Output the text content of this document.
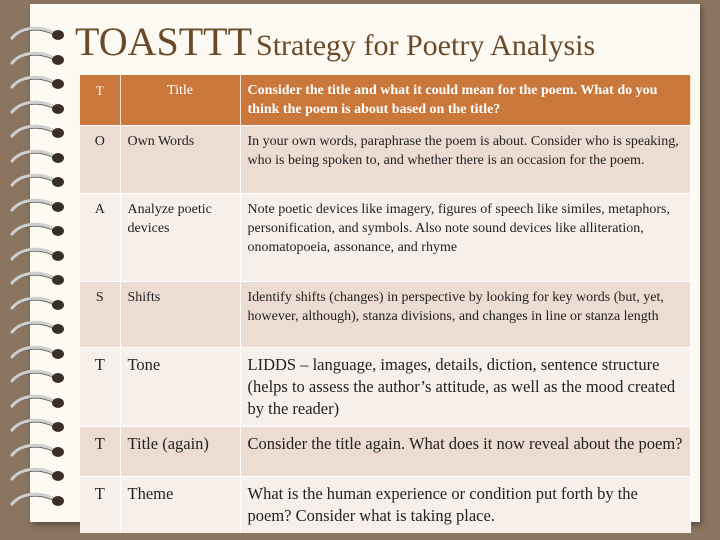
TOASTTT Strategy for Poetry Analysis
T	Title	Consider the title and what it could mean for the poem. What do you think the poem is about based on the title?
O	Own Words	In your own words, paraphrase the poem is about. Consider who is speaking, who is being spoken to, and whether there is an occasion for the poem.
A	Analyze poetic devices	Note poetic devices like imagery, figures of speech like similes, metaphors, personification, and symbols. Also note sound devices like alliteration, onomatopoeia, assonance, and rhyme
S	Shifts	Identify shifts (changes) in perspective by looking for key words (but, yet, however, although), stanza divisions, and changes in line or stanza length
T	Tone	LIDDS – language, images, details, diction, sentence structure (helps to assess the author’s attitude, as well as the mood created by the reader)
T	Title (again)	Consider the title again. What does it now reveal about the poem?
T	Theme	What is the human experience or condition put forth by the poem? Consider what is taking place.
